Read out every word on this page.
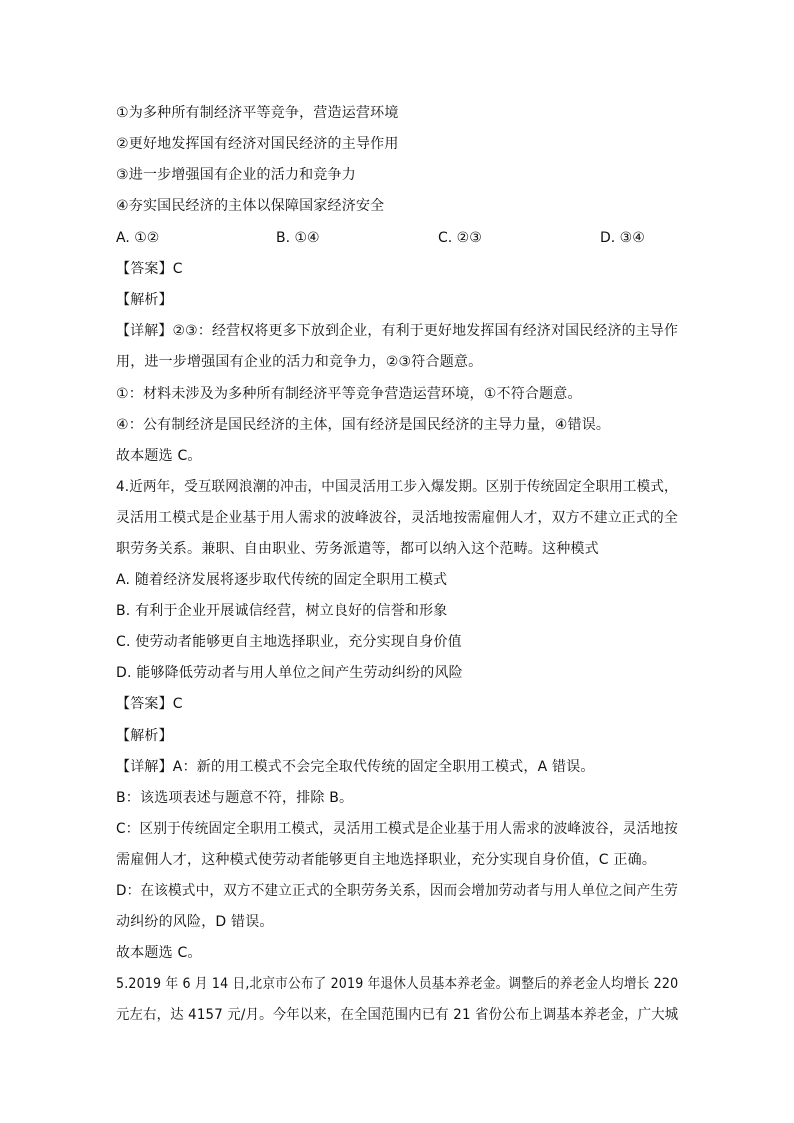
①为多种所有制经济平等竞争，营造运营环境
②更好地发挥国有经济对国民经济的主导作用
③进一步增强国有企业的活力和竞争力
④夯实国民经济的主体以保障国家经济安全
A. ①②	B. ①④	C. ②③	D. ③④
【答案】C
【解析】
【详解】②③：经营权将更多下放到企业，有利于更好地发挥国有经济对国民经济的主导作
用，进一步增强国有企业的活力和竞争力，②③符合题意。
①：材料未涉及为多种所有制经济平等竞争营造运营环境，①不符合题意。
④：公有制经济是国民经济的主体，国有经济是国民经济的主导力量，④错误。
故本题选 C。
4.近两年，受互联网浪潮的冲击，中国灵活用工步入爆发期。区别于传统固定全职用工模式，
灵活用工模式是企业基于用人需求的波峰波谷，灵活地按需雇佣人才，双方不建立正式的全
职劳务关系。兼职、自由职业、劳务派遣等，都可以纳入这个范畴。这种模式
A. 随着经济发展将逐步取代传统的固定全职用工模式
B. 有利于企业开展诚信经营，树立良好的信誉和形象
C. 使劳动者能够更自主地选择职业，充分实现自身价值
D. 能够降低劳动者与用人单位之间产生劳动纠纷的风险
【答案】C
【解析】
【详解】A：新的用工模式不会完全取代传统的固定全职用工模式，A 错误。
B：该选项表述与题意不符，排除 B。
C：区别于传统固定全职用工模式，灵活用工模式是企业基于用人需求的波峰波谷，灵活地按
需雇佣人才，这种模式使劳动者能够更自主地选择职业，充分实现自身价值，C 正确。
D：在该模式中，双方不建立正式的全职劳务关系，因而会增加劳动者与用人单位之间产生劳
动纠纷的风险，D 错误。
故本题选 C。
5.2019 年 6 月 14 日,北京市公布了 2019 年退休人员基本养老金。调整后的养老金人均增长 220
元左右，达 4157 元/月。今年以来，在全国范围内已有 21 省份公布上调基本养老金，广大城
